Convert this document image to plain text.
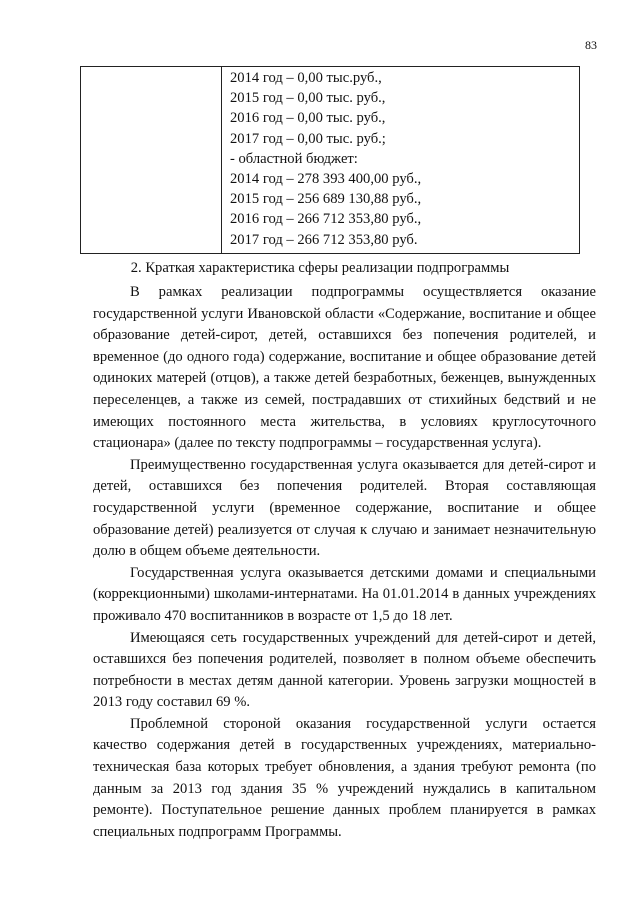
83

2014 год – 0,00 тыс.руб.,
2015 год – 0,00 тыс. руб.,
2016 год – 0,00 тыс. руб.,
2017 год – 0,00 тыс. руб.;
- областной бюджет:
2014 год – 278 393 400,00 руб.,
2015 год – 256 689 130,88 руб.,
2016 год – 266 712 353,80 руб.,
2017 год – 266 712 353,80 руб.
2. Краткая характеристика сферы реализации подпрограммы

В рамках реализации подпрограммы осуществляется оказание государственной услуги Ивановской области «Содержание, воспитание и общее образование детей-сирот, детей, оставшихся без попечения родителей, и временное (до одного года) содержание, воспитание и общее образование детей одиноких матерей (отцов), а также детей безработных, беженцев, вынужденных переселенцев, а также из семей, пострадавших от стихийных бедствий и не имеющих постоянного места жительства, в условиях круглосуточного стационара» (далее по тексту подпрограммы – государственная услуга).

Преимущественно государственная услуга оказывается для детей-сирот и детей, оставшихся без попечения родителей. Вторая составляющая государственной услуги (временное содержание, воспитание и общее образование детей) реализуется от случая к случаю и занимает незначительную долю в общем объеме деятельности.

Государственная услуга оказывается детскими домами и специальными (коррекционными) школами-интернатами. На 01.01.2014 в данных учреждениях проживало 470 воспитанников в возрасте от 1,5 до 18 лет.

Имеющаяся сеть государственных учреждений для детей-сирот и детей, оставшихся без попечения родителей, позволяет в полном объеме обеспечить потребности в местах детям данной категории. Уровень загрузки мощностей в 2013 году составил 69 %.

Проблемной стороной оказания государственной услуги остается качество содержания детей в государственных учреждениях, материально-техническая база которых требует обновления, а здания требуют ремонта (по данным за 2013 год здания 35 % учреждений нуждались в капитальном ремонте). Поступательное решение данных проблем планируется в рамках специальных подпрограмм Программы.
